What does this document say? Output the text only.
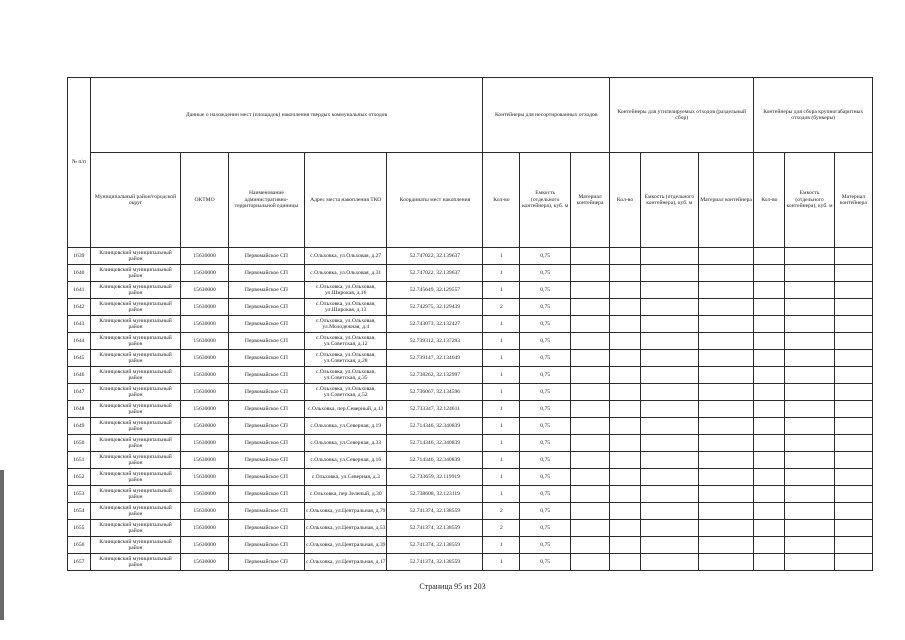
№ п/п	Данные о нахождении мест (площадок) накопления твердых коммунальных отходов					Контейнеры для несортированных отходов			Контейнеры для утилизируемых отходов (раздельный сбор)			Контейнеры для сбора крупногабаритных отходов (бункеры)		
	Муниципальный район/городской округ	ОКТМО	Наименование административно-территориальной единицы	Адрес места накопления ТКО	Координаты мест накопления	Кол-во	Емкость (отдельного контейнера), куб. м	Материал контейнера	Кол-во	Емкость (отдельного контейнера), куб. м	Материал контейнера	Кол-во	Емкость (отдельного контейнера), куб. м	Материал контейнера
1639	Клинцовский муниципальный район	15630000	Первомайское СП	с.Ольховка, ул.Ольховая, д.27	52.747022, 32.139637	1	0,75							
1640	Клинцовский муниципальный район	15630000	Первомайское СП	с.Ольховка, ул.Ольховая, д.31	52.747022, 32.139637	1	0,75							
1641	Клинцовский муниципальный район	15630000	Первомайское СП	с.Ольховка, ул.Ольховая, ул.Широкая, д.16	52.745649, 32.129557	1	0,75							
1642	Клинцовский муниципальный район	15630000	Первомайское СП	с.Ольховка, ул.Ольховая, ул.Широкая, д.13	52.742975, 32.129439	2	0,75							
1643	Клинцовский муниципальный район	15630000	Первомайское СП	с.Ольховка, ул.Ольховая, ул.Молодежная, д.4	52.743073, 32.132427	1	0,75							
1644	Клинцовский муниципальный район	15630000	Первомайское СП	с.Ольховка, ул.Ольховая, ул.Советская, д.12	52.739312, 32.137293	1	0,75							
1645	Клинцовский муниципальный район	15630000	Первомайское СП	с.Ольховка, ул.Ольховая, ул.Советская, д.28	52.739147, 32.134649	1	0,75							
1646	Клинцовский муниципальный район	15630000	Первомайское СП	с.Ольховка, ул.Ольховая, ул.Советская, д.35	52.738262, 32.132997	1	0,75							
1647	Клинцовский муниципальный район	15630000	Первомайское СП	с.Ольховка, ул.Ольховая, ул.Советская, д.52	52.736067, 32.134596	1	0,75							
1648	Клинцовский муниципальный район	15630000	Первомайское СП	с.Ольховка, пер.Северный, д.13	52.733347, 32.124611	1	0,75							
1649	Клинцовский муниципальный район	15630000	Первомайское СП	с.Ольховка, ул.Северная, д.19	52.714346, 32.340839	1	0,75							
1650	Клинцовский муниципальный район	15630000	Первомайское СП	с.Ольховка, ул.Северная, д.33	52.714346, 32.340839	1	0,75							
1651	Клинцовский муниципальный район	15630000	Первомайское СП	с.Ольховка, ул.Северная, д.16	52.714346, 32.340839	1	0,75							
1652	Клинцовский муниципальный район	15630000	Первомайское СП	с.Ольховка, ул.Северная, д.3	52.733659, 32.119919	1	0,75							
1653	Клинцовский муниципальный район	15630000	Первомайское СП	с.Ольховка, пер.Зеленый, д.30	52.738608, 32.123119	1	0,75							
1654	Клинцовский муниципальный район	15630000	Первомайское СП	с.Ольховка, ул.Центральная, д.79	52.741374, 32.138559	2	0,75							
1655	Клинцовский муниципальный район	15630000	Первомайское СП	с.Ольховка, ул.Центральная, д.53	52.741374, 32.138559	2	0,75							
1656	Клинцовский муниципальный район	15630000	Первомайское СП	с.Ольховка, ул.Центральная, д.39	52.741374, 32.138559	1	0,75							
1657	Клинцовский муниципальный район	15630000	Первомайское СП	с.Ольховка, ул.Центральная, д.17	52.741374, 32.138559	1	0,75							
Страница 95 из 203
